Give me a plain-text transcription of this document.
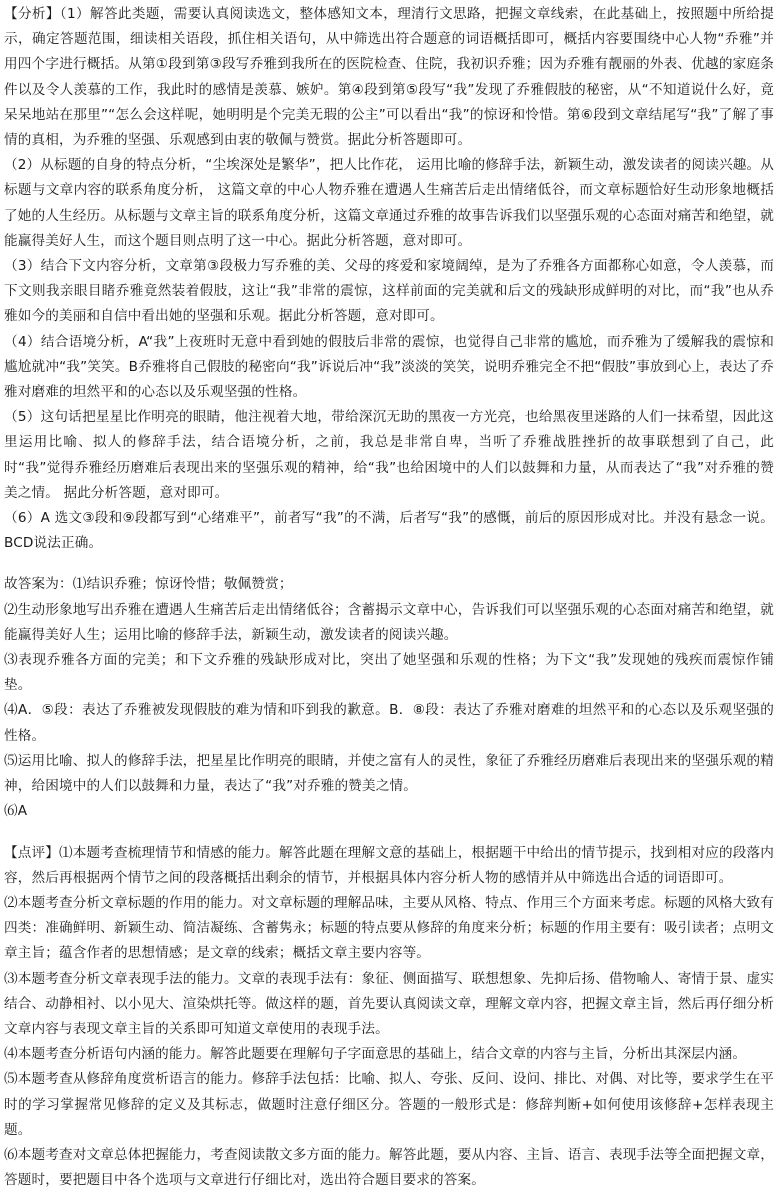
【分析】（1）解答此类题，需要认真阅读选文，整体感知文本，理清行文思路，把握文章线索，在此基础上，按照题中所给提示，确定答题范围，细读相关语段，抓住相关语句，从中筛选出符合题意的词语概括即可，概括内容要围绕中心人物“乔雅”并用四个字进行概括。从第①段到第③段写乔雅到我所在的医院检查、住院，我初识乔雅；因为乔雅有靓丽的外表、优越的家庭条件以及令人羡慕的工作，我此时的感情是羡慕、嫉妒。第④段到第⑤段写“我”发现了乔雅假肢的秘密，从“不知道说什么好，竟呆呆地站在那里”“怎么会这样呢，她明明是个完美无瑕的公主”可以看出“我”的惊讶和怜惜。第⑥段到文章结尾写“我”了解了事情的真相，为乔雅的坚强、乐观感到由衷的敬佩与赞赏。据此分析答题即可。

（2）从标题的自身的特点分析，“尘埃深处是繁华”，把人比作花， 运用比喻的修辞手法，新颖生动，激发读者的阅读兴趣。从标题与文章内容的联系角度分析， 这篇文章的中心人物乔雅在遭遇人生痛苦后走出情绪低谷，而文章标题恰好生动形象地概括了她的人生经历。从标题与文章主旨的联系角度分析，这篇文章通过乔雅的故事告诉我们以坚强乐观的心态面对痛苦和绝望，就能赢得美好人生，而这个题目则点明了这一中心。据此分析答题，意对即可。

（3）结合下文内容分析，文章第③段极力写乔雅的美、父母的疼爱和家境阔绰，是为了乔雅各方面都称心如意，令人羡慕，而下文则我亲眼目睹乔雅竟然装着假肢，这让“我”非常的震惊，这样前面的完美就和后文的残缺形成鲜明的对比，而“我”也从乔雅如今的美丽和自信中看出她的坚强和乐观。据此分析答题，意对即可。

（4）结合语境分析，A“我”上夜班时无意中看到她的假肢后非常的震惊，也觉得自己非常的尴尬，而乔雅为了缓解我的震惊和尴尬就冲“我”笑笑。B乔雅将自己假肢的秘密向“我”诉说后冲“我”淡淡的笑笑，说明乔雅完全不把“假肢”事放到心上，表达了乔雅对磨难的坦然平和的心态以及乐观坚强的性格。

（5）这句话把星星比作明亮的眼睛，他注视着大地，带给深沉无助的黑夜一方光亮，也给黑夜里迷路的人们一抹希望，因此这里运用比喻、拟人的修辞手法，结合语境分析，之前，我总是非常自卑，当听了乔雅战胜挫折的故事联想到了自己，此时“我”觉得乔雅经历磨难后表现出来的坚强乐观的精神，给“我”也给困境中的人们以鼓舞和力量，从而表达了“我”对乔雅的赞美之情。 据此分析答题，意对即可。

（6）A 选文③段和⑨段都写到“心绪难平”，前者写“我”的不满，后者写“我”的感慨，前后的原因形成对比。并没有悬念一说。BCD说法正确。

故答案为：⑴结识乔雅；惊讶怜惜；敬佩赞赏；

⑵生动形象地写出乔雅在遭遇人生痛苦后走出情绪低谷；含蓄揭示文章中心，告诉我们可以坚强乐观的心态面对痛苦和绝望，就能赢得美好人生；运用比喻的修辞手法，新颖生动，激发读者的阅读兴趣。

⑶表现乔雅各方面的完美；和下文乔雅的残缺形成对比，突出了她坚强和乐观的性格；为下文“我”发现她的残疾而震惊作铺垫。

⑷A．⑤段：表达了乔雅被发现假肢的难为情和吓到我的歉意。B．⑧段：表达了乔雅对磨难的坦然平和的心态以及乐观坚强的性格。

⑸运用比喻、拟人的修辞手法，把星星比作明亮的眼睛，并使之富有人的灵性，象征了乔雅经历磨难后表现出来的坚强乐观的精神，给困境中的人们以鼓舞和力量，表达了“我”对乔雅的赞美之情。

⑹A

【点评】⑴本题考查梳理情节和情感的能力。解答此题在理解文意的基础上，根据题干中给出的情节提示，找到相对应的段落内容，然后再根据两个情节之间的段落概括出剩余的情节，并根据具体内容分析人物的感情并从中筛选出合适的词语即可。

⑵本题考查分析文章标题的作用的能力。对文章标题的理解品味，主要从风格、特点、作用三个方面来考虑。标题的风格大致有四类：准确鲜明、新颖生动、简洁凝练、含蓄隽永；标题的特点要从修辞的角度来分析；标题的作用主要有：吸引读者；点明文章主旨；蕴含作者的思想情感；是文章的线索；概括文章主要内容等。

⑶本题考查分析文章表现手法的能力。文章的表现手法有：象征、侧面描写、联想想象、先抑后扬、借物喻人、寄情于景、虚实结合、动静相衬、以小见大、渲染烘托等。做这样的题，首先要认真阅读文章，理解文章内容，把握文章主旨，然后再仔细分析文章内容与表现文章主旨的关系即可知道文章使用的表现手法。

⑷本题考查分析语句内涵的能力。解答此题要在理解句子字面意思的基础上，结合文章的内容与主旨，分析出其深层内涵。

⑸本题考查从修辞角度赏析语言的能力。修辞手法包括：比喻、拟人、夸张、反问、设问、排比、对偶、对比等，要求学生在平时的学习掌握常见修辞的定义及其标志，做题时注意仔细区分。答题的一般形式是：修辞判断+如何使用该修辞+怎样表现主题。

⑹本题考查对文章总体把握能力，考查阅读散文多方面的能力。解答此题，要从内容、主旨、语言、表现手法等全面把握文章，答题时，要把题目中各个选项与文章进行仔细比对，选出符合题目要求的答案。
